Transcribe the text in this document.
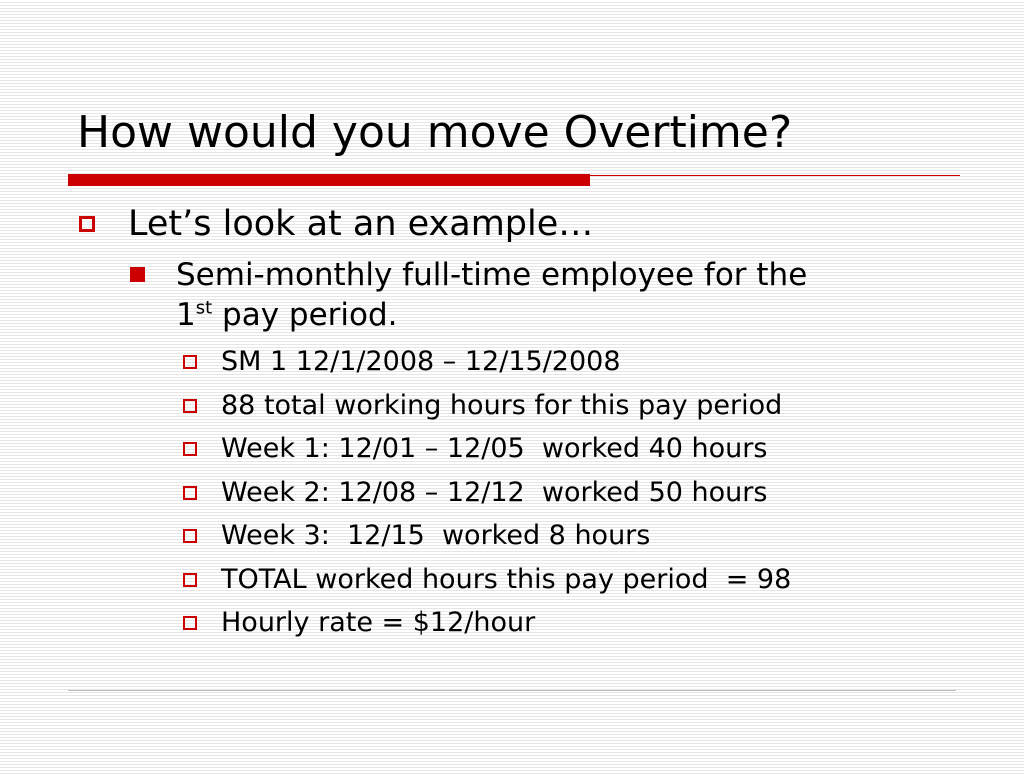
How would you move Overtime?
Let’s look at an example…
Semi-monthly full-time employee for the
1st pay period.

SM 1 12/1/2008 – 12/15/2008

88 total working hours for this pay period

Week 1: 12/01 – 12/05  worked 40 hours

Week 2: 12/08 – 12/12  worked 50 hours

Week 3:  12/15  worked 8 hours

TOTAL worked hours this pay period  = 98

Hourly rate = $12/hour
